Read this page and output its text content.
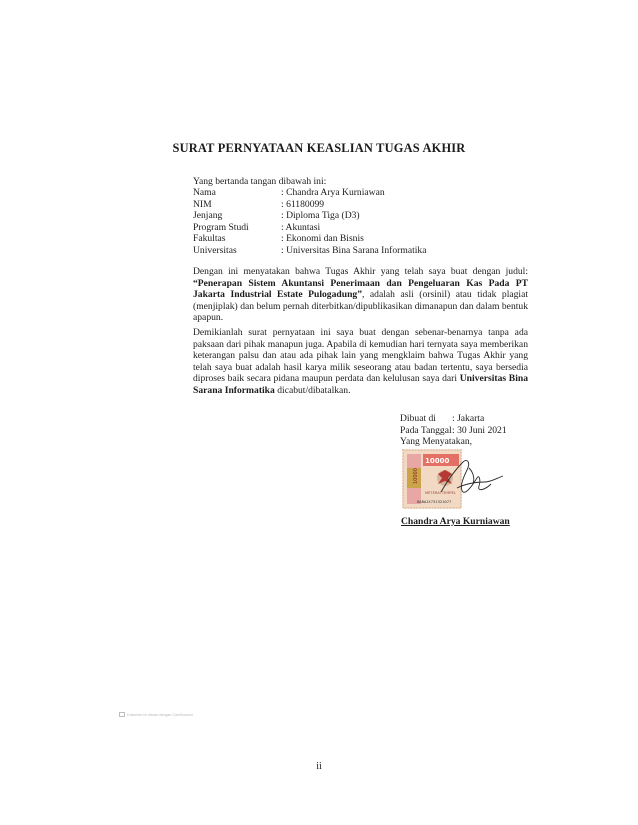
SURAT PERNYATAAN KEASLIAN TUGAS AKHIR
Yang bertanda tangan dibawah ini:
Nama	: Chandra Arya Kurniawan
NIM	: 61180099
Jenjang	: Diploma Tiga (D3)
Program Studi	: Akuntasi
Fakultas	: Ekonomi dan Bisnis
Universitas	: Universitas Bina Sarana Informatika
Dengan ini menyatakan bahwa Tugas Akhir yang telah saya buat dengan judul: “Penerapan Sistem Akuntansi Penerimaan dan Pengeluaran Kas Pada PT Jakarta Industrial Estate Pulogadung”, adalah asli (orsinil) atau tidak plagiat (menjiplak) dan belum pernah diterbitkan/dipublikasikan dimanapun dan dalam bentuk apapun.
Demikianlah surat pernyataan ini saya buat dengan sebenar-benarnya tanpa ada paksaan dari pihak manapun juga. Apabila di kemudian hari ternyata saya memberikan keterangan palsu dan atau ada pihak lain yang mengklaim bahwa Tugas Akhir yang telah saya buat adalah hasil karya milik seseorang atau badan tertentu, saya bersedia diproses baik secara pidana maupun perdata dan kelulusan saya dari Universitas Bina Sarana Informatika dicabut/dibatalkan.
Dibuat di : Jakarta
Pada Tanggal : 30 Juni 2021
Yang Menyatakan,
10000
10000
METERAI TEMPEL
BABAJX731321077
Chandra Arya Kurniawan
Dokumen ini discan dengan CamScanner
ii
